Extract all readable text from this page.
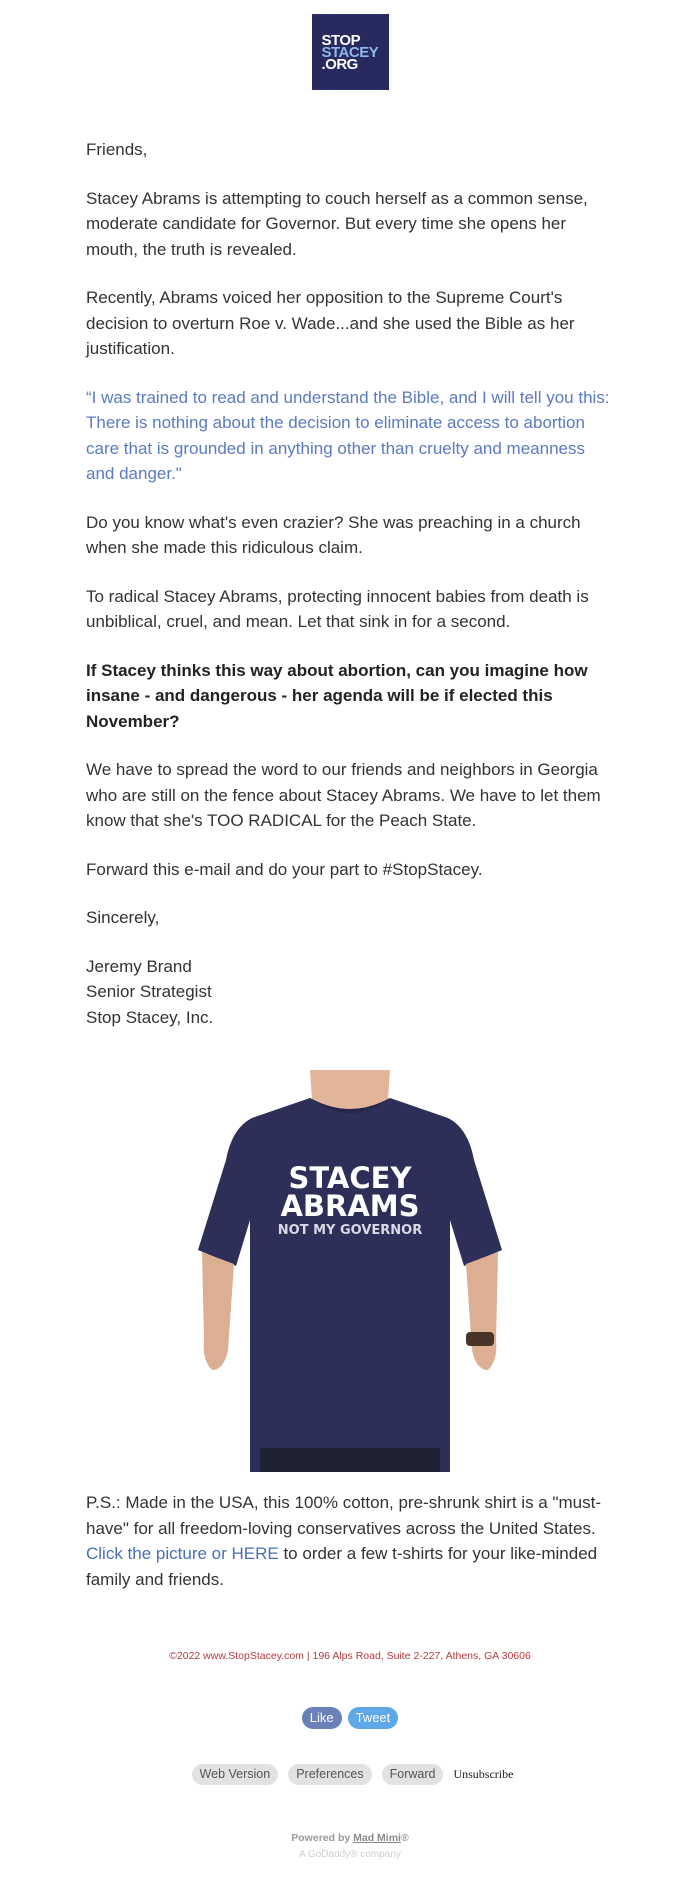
STOP
STACEY
.ORG

Friends,

Stacey Abrams is attempting to couch herself as a common sense, moderate candidate for Governor. But every time she opens her mouth, the truth is revealed.

Recently, Abrams voiced her opposition to the Supreme Court's decision to overturn Roe v. Wade...and she used the Bible as her justification.

“I was trained to read and understand the Bible, and I will tell you this: There is nothing about the decision to eliminate access to abortion care that is grounded in anything other than cruelty and meanness and danger."

Do you know what's even crazier? She was preaching in a church when she made this ridiculous claim.

To radical Stacey Abrams, protecting innocent babies from death is unbiblical, cruel, and mean. Let that sink in for a second.

If Stacey thinks this way about abortion, can you imagine how insane - and dangerous - her agenda will be if elected this November?

We have to spread the word to our friends and neighbors in Georgia who are still on the fence about Stacey Abrams. We have to let them know that she's TOO RADICAL for the Peach State.

Forward this e-mail and do your part to #StopStacey.

Sincerely,

Jeremy Brand
Senior Strategist
Stop Stacey, Inc.

STACEY
ABRAMS
NOT MY GOVERNOR
P.S.: Made in the USA, this 100% cotton, pre-shrunk shirt is a "must-have" for all freedom-loving conservatives across the United States. Click the picture or HERE to order a few t-shirts for your like-minded family and friends.
©2022 www.StopStacey.com | 196 Alps Road, Suite 2-227, Athens, GA 30606
Like Tweet
Web Version Preferences Forward Unsubscribe
Powered by Mad Mimi®
A GoDaddy® company
